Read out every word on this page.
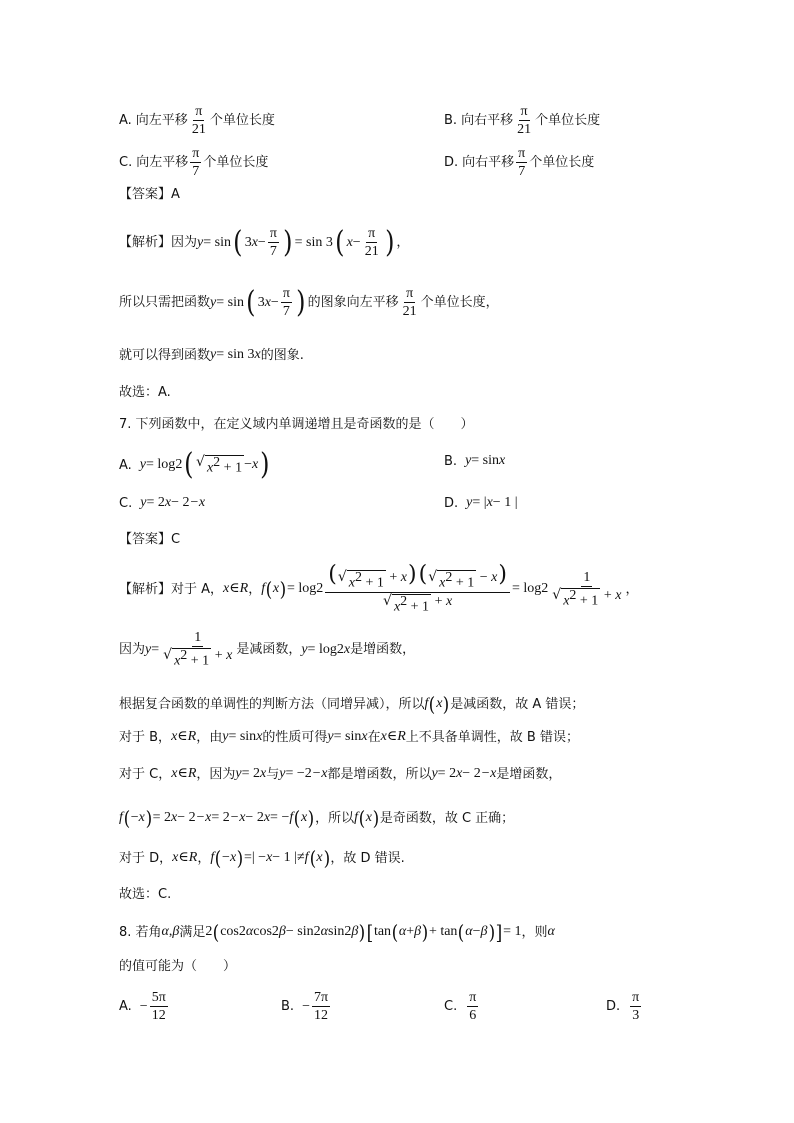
A. 向左平移 $\frac{\pi}{21}$ 个单位长度	B. 向右平移 $\frac{\pi}{21}$ 个单位长度
C. 向左平移 $\frac{\pi}{7}$ 个单位长度	D. 向右平移 $\frac{\pi}{7}$ 个单位长度
【答案】 A
【解析】 因为 y = sin ( 3 $x - \frac{\pi}{7}$ ) = sin 3 ( $x - \frac{\pi}{21}$ ) ，
所以只需把函数 y = sin ( 3 $x - \frac{\pi}{7}$ ) 的图象向左平移 $\frac{\pi}{21}$ 个单位长度，
就可以得到函数 y = sin 3 x 的图象.
故选：A.
7. 下列函数中，在定义域内单调递增且是奇函数的是（　　）
A. y = log 2 ( √ $x^2 + 1 - x$ )	B. y = sin x
C. y = 2 x − 2 −x	D. y = | x − 1 |
【答案】 C
【解析】 对于 A， x ∈ R ， f ( x ) = $\log 2 \frac{( √ x^2 + 1 + x)( √ x^2 + 1 - x)}{√ x^2 + 1 + x} = \log 2 \frac{1}{√ x^2 + 1 + x}$ ，
因为 $y = \frac{1}{√ x^2 + 1 + x}$ 是减函数， y = log 2 x 是增函数，
根据复合函数的单调性的判断方法（同增异减），所以 f ( x ) 是减函数，故 A 错误；
对于 B， x ∈ R ，由 y = sin x 的性质可得 y = sin x 在 x ∈ R 上不具备单调性，故 B 错误；
对于 C， x ∈ R ，因为 y = 2 x 与 y = −2 −x 都是增函数，所以 y = 2 x − 2 −x 是增函数，
f ( − x ) = 2 x − 2 −x = 2 −x − 2 x = − f ( x ) ，所以 f ( x ) 是奇函数，故 C 正确；
对于 D， x ∈ R ， f ( − x ) =| − x − 1 |≠ f ( x ) ，故 D 错误.
故选：C.
8. 若角 α , β 满足 2 ( cos 2 α cos 2 β − sin 2 α sin 2 β ) [ tan ( α + β ) + tan ( α − β ) ] = 1 ，则 α
的值可能为（　　）
A. − $\frac{5\pi}{12}$	B. − $\frac{7\pi}{12}$	C. $\frac{\pi}{6}$	D. $\frac{\pi}{3}$
